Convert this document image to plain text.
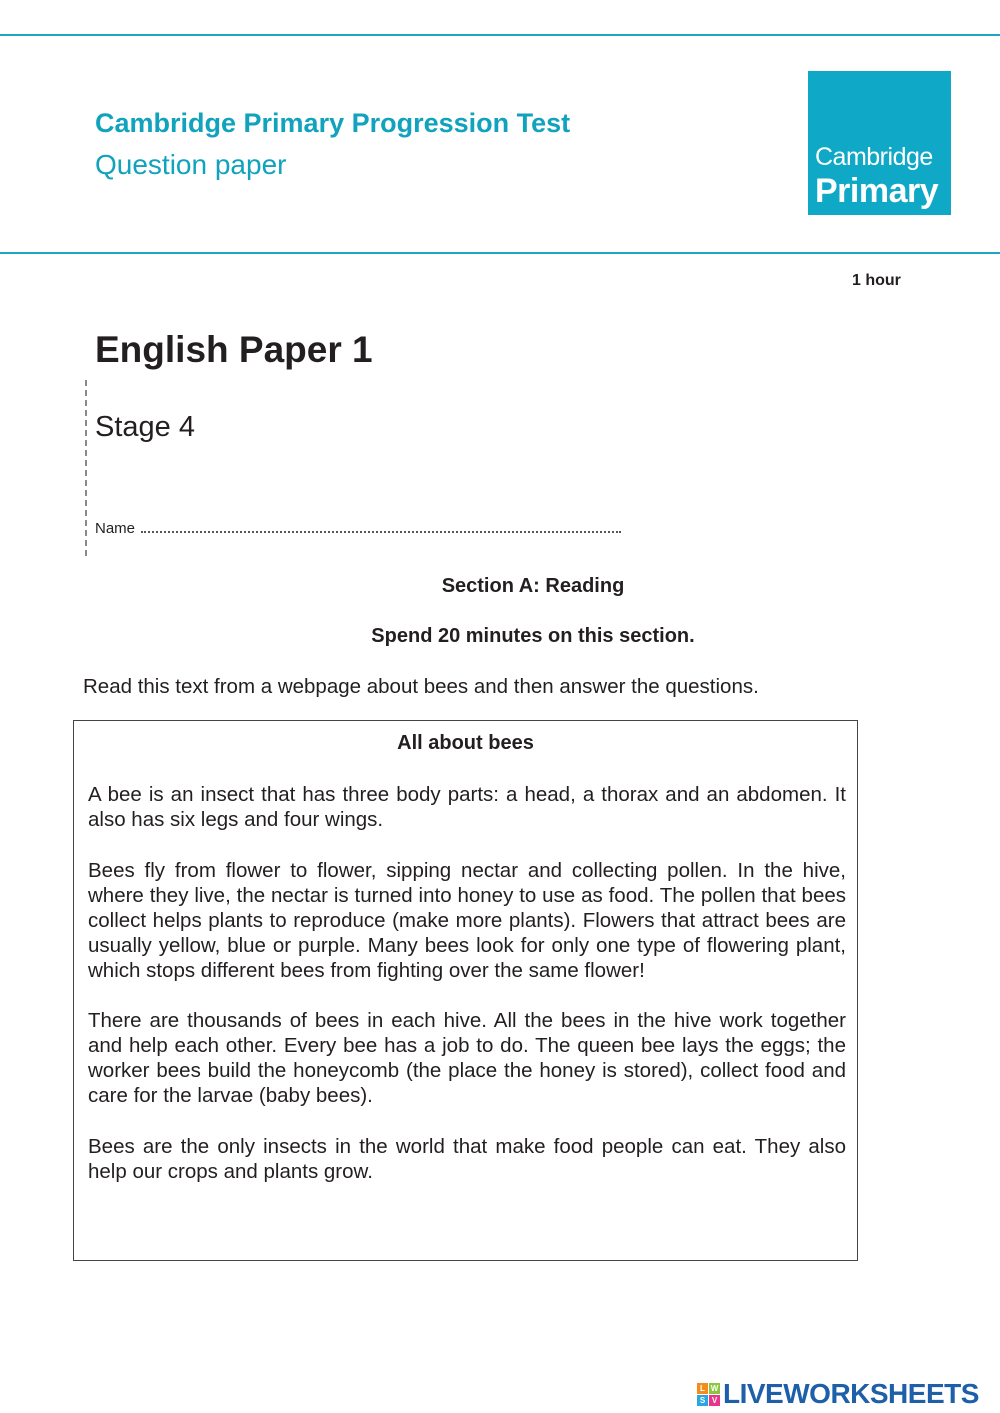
Cambridge Primary Progression Test
Question paper	Cambridge
Primary
1 hour
English Paper 1
Stage 4
Name
Section A: Reading
Spend 20 minutes on this section.
Read this text from a webpage about bees and then answer the questions.
All about bees

A bee is an insect that has three body parts: a head, a thorax and an abdomen. It also has six legs and four wings.

Bees fly from flower to flower, sipping nectar and collecting pollen. In the hive, where they live, the nectar is turned into honey to use as food. The pollen that bees collect helps plants to reproduce (make more plants). Flowers that attract bees are usually yellow, blue or purple. Many bees look for only one type of flowering plant, which stops different bees from fighting over the same flower!

There are thousands of bees in each hive. All the bees in the hive work together and help each other. Every bee has a job to do. The queen bee lays the eggs; the worker bees build the honeycomb (the place the honey is stored), collect food and care for the larvae (baby bees).

Bees are the only insects in the world that make food people can eat. They also help our crops and plants grow.

L W
S V LIVEWORKSHEETS
